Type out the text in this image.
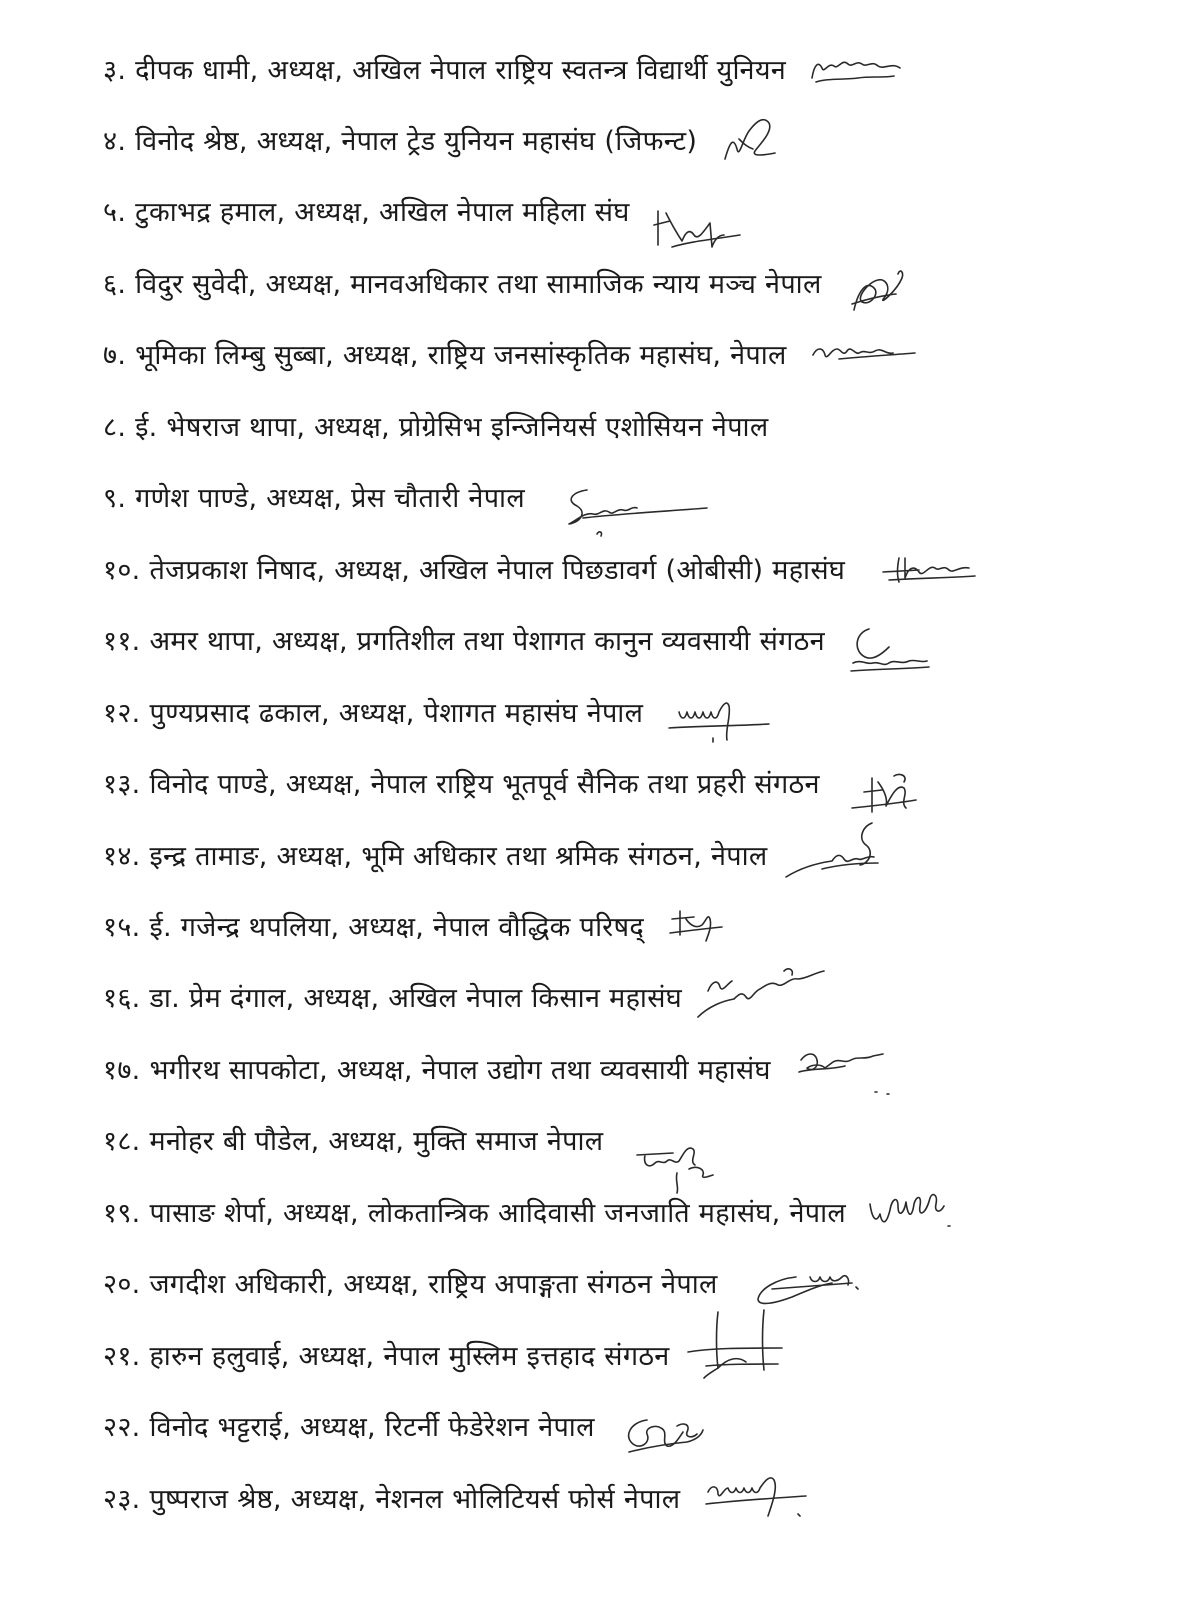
३. दीपक धामी, अध्यक्ष, अखिल नेपाल राष्ट्रिय स्वतन्त्र विद्यार्थी युनियन
४. विनोद श्रेष्ठ, अध्यक्ष, नेपाल ट्रेड युनियन महासंघ (जिफन्ट)
५. टुकाभद्र हमाल, अध्यक्ष, अखिल नेपाल महिला संघ
६. विदुर सुवेदी, अध्यक्ष, मानवअधिकार तथा सामाजिक न्याय मञ्च नेपाल
७. भूमिका लिम्बु सुब्बा, अध्यक्ष, राष्ट्रिय जनसांस्कृतिक महासंघ, नेपाल
८. ई. भेषराज थापा, अध्यक्ष, प्रोग्रेसिभ इन्जिनियर्स एशोसियन नेपाल
९. गणेश पाण्डे, अध्यक्ष, प्रेस चौतारी नेपाल
१०. तेजप्रकाश निषाद, अध्यक्ष, अखिल नेपाल पिछडावर्ग (ओबीसी) महासंघ
११. अमर थापा, अध्यक्ष, प्रगतिशील तथा पेशागत कानुन व्यवसायी संगठन
१२. पुण्यप्रसाद ढकाल, अध्यक्ष, पेशागत महासंघ नेपाल
१३. विनोद पाण्डे, अध्यक्ष, नेपाल राष्ट्रिय भूतपूर्व सैनिक तथा प्रहरी संगठन
१४. इन्द्र तामाङ, अध्यक्ष, भूमि अधिकार तथा श्रमिक संगठन, नेपाल
१५. ई. गजेन्द्र थपलिया, अध्यक्ष, नेपाल वौद्धिक परिषद्
१६. डा. प्रेम दंगाल, अध्यक्ष, अखिल नेपाल किसान महासंघ
१७. भगीरथ सापकोटा, अध्यक्ष, नेपाल उद्योग तथा व्यवसायी महासंघ
१८. मनोहर बी पौडेल, अध्यक्ष, मुक्ति समाज नेपाल
१९. पासाङ शेर्पा, अध्यक्ष, लोकतान्त्रिक आदिवासी जनजाति महासंघ, नेपाल
२०. जगदीश अधिकारी, अध्यक्ष, राष्ट्रिय अपाङ्गता संगठन नेपाल
२१. हारुन हलुवाई, अध्यक्ष, नेपाल मुस्लिम इत्तहाद संगठन
२२. विनोद भट्टराई, अध्यक्ष, रिटर्नी फेडेरेशन नेपाल
२३. पुष्पराज श्रेष्ठ, अध्यक्ष, नेशनल भोलिटियर्स फोर्स नेपाल
